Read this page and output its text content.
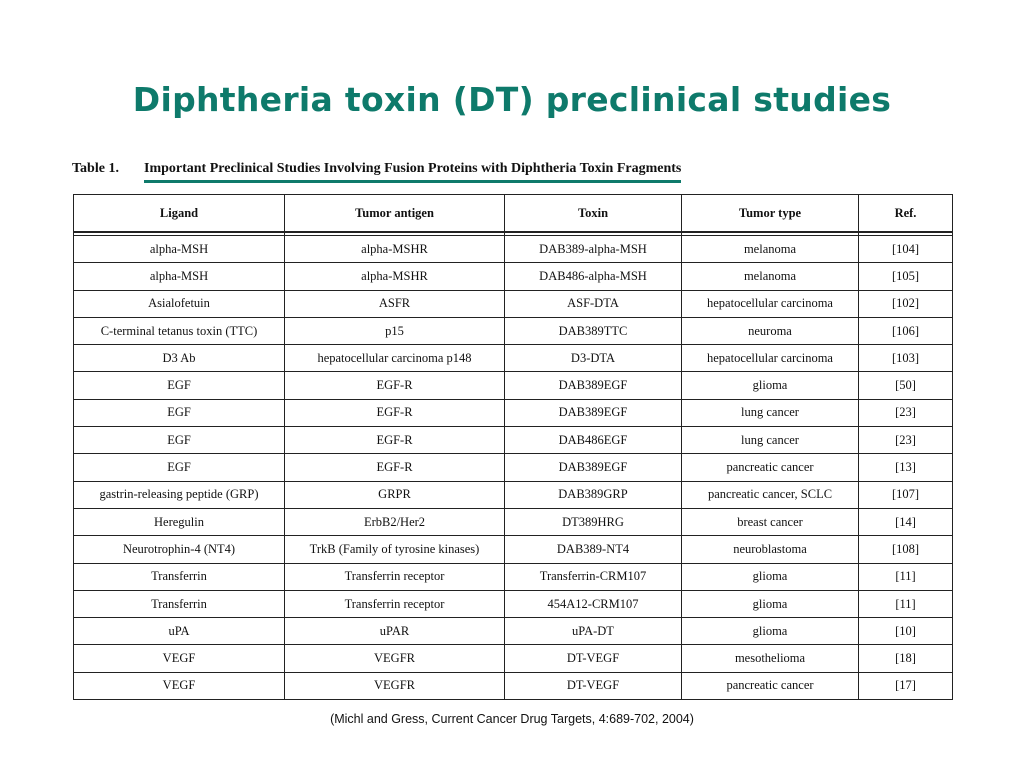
Diphtheria toxin (DT) preclinical studies
Table 1. Important Preclinical Studies Involving Fusion Proteins with Diphtheria Toxin Fragments
Ligand	Tumor antigen	Toxin	Tumor type	Ref.

alpha-MSH	alpha-MSHR	DAB389-alpha-MSH	melanoma	[104]
alpha-MSH	alpha-MSHR	DAB486-alpha-MSH	melanoma	[105]
Asialofetuin	ASFR	ASF-DTA	hepatocellular carcinoma	[102]
C-terminal tetanus toxin (TTC)	p15	DAB389TTC	neuroma	[106]
D3 Ab	hepatocellular carcinoma p148	D3-DTA	hepatocellular carcinoma	[103]
EGF	EGF-R	DAB389EGF	glioma	[50]
EGF	EGF-R	DAB389EGF	lung cancer	[23]
EGF	EGF-R	DAB486EGF	lung cancer	[23]
EGF	EGF-R	DAB389EGF	pancreatic cancer	[13]
gastrin-releasing peptide (GRP)	GRPR	DAB389GRP	pancreatic cancer, SCLC	[107]
Heregulin	ErbB2/Her2	DT389HRG	breast cancer	[14]
Neurotrophin-4 (NT4)	TrkB (Family of tyrosine kinases)	DAB389-NT4	neuroblastoma	[108]
Transferrin	Transferrin receptor	Transferrin-CRM107	glioma	[11]
Transferrin	Transferrin receptor	454A12-CRM107	glioma	[11]
uPA	uPAR	uPA-DT	glioma	[10]
VEGF	VEGFR	DT-VEGF	mesothelioma	[18]
VEGF	VEGFR	DT-VEGF	pancreatic cancer	[17]
(Michl and Gress, Current Cancer Drug Targets, 4:689-702, 2004)
